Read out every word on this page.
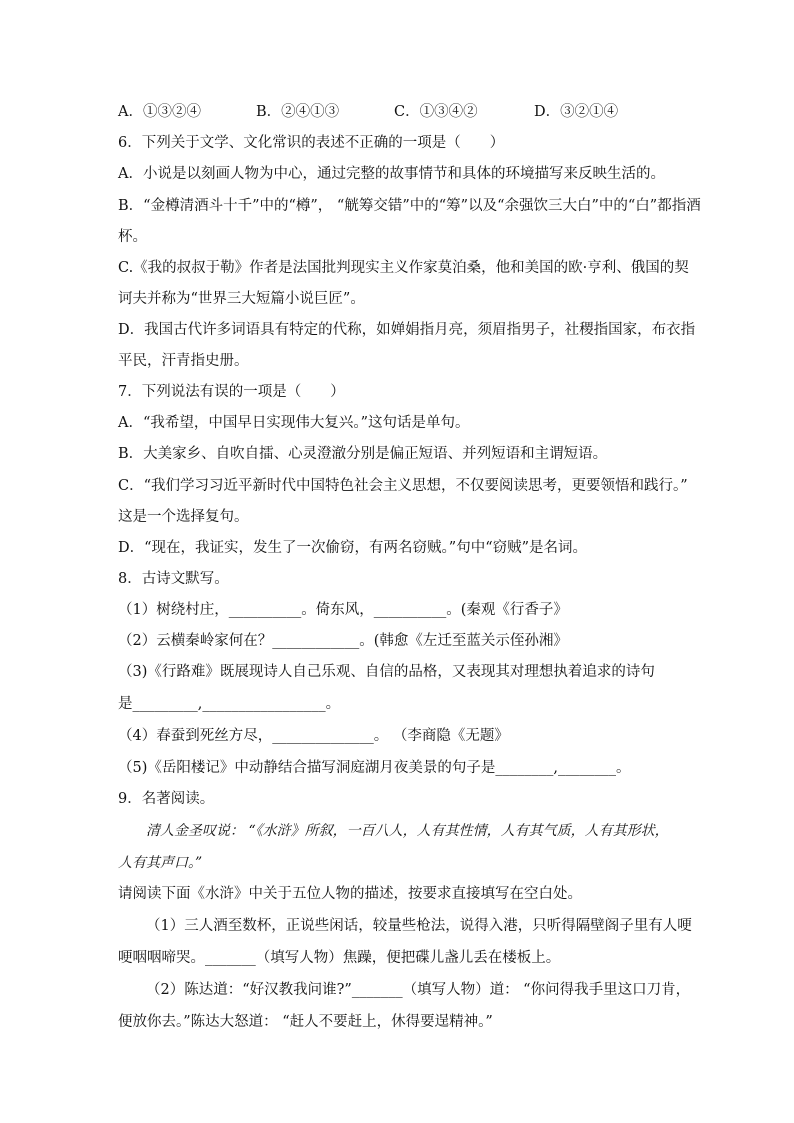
A．①③②④	B．②④①③	C．①③④②	D．③②①④
6．下列关于文学、文化常识的表述不正确的一项是（　　）
A．小说是以刻画人物为中心，通过完整的故事情节和具体的环境描写来反映生活的。
B．“金樽清酒斗十千”中的“樽”， “觥筹交错”中的“筹”以及“余强饮三大白”中的“白”都指酒
杯。
C.《我的叔叔于勒》作者是法国批判现实主义作家莫泊桑，他和美国的欧·亨利、俄国的契
诃夫并称为“世界三大短篇小说巨匠”。
D．我国古代许多词语具有特定的代称，如婵娟指月亮，须眉指男子，社稷指国家，布衣指
平民，汗青指史册。
7．下列说法有误的一项是（　　）
A．“我希望，中国早日实现伟大复兴。”这句话是单句。
B．大美家乡、自吹自擂、心灵澄澈分别是偏正短语、并列短语和主谓短语。
C．“我们学习习近平新时代中国特色社会主义思想，不仅要阅读思考，更要领悟和践行。”
这是一个选择复句。
D．“现在，我证实，发生了一次偷窃，有两名窃贼。”句中“窃贼”是名词。
8．古诗文默写。
（1）树绕村庄，__________。倚东风，__________。(秦观《行香子》
（2）云横秦岭家何在？____________。(韩愈《左迁至蓝关示侄孙湘》
（3)《行路难》既展现诗人自己乐观、自信的品格，又表现其对理想执着追求的诗句
是_________,_________________。
（4）春蚕到死丝方尽，______________。 （李商隐《无题》
（5)《岳阳楼记》中动静结合描写洞庭湖月夜美景的句子是________,________。
9．名著阅读。
清人金圣叹说： “《水浒》所叙，一百八人，人有其性情，人有其气质，人有其形状，
人有其声口。”
请阅读下面《水浒》中关于五位人物的描述，按要求直接填写在空白处。
（1）三人酒至数杯，正说些闲话，较量些枪法，说得入港，只听得隔壁阁子里有人哽
哽咽咽啼哭。_______（填写人物）焦躁，便把碟儿盏儿丢在楼板上。
（2）陈达道：“好汉教我问谁?”_______（填写人物）道： “你问得我手里这口刀肯，
便放你去。”陈达大怒道： “赶人不要赶上，休得要逞精神。”
